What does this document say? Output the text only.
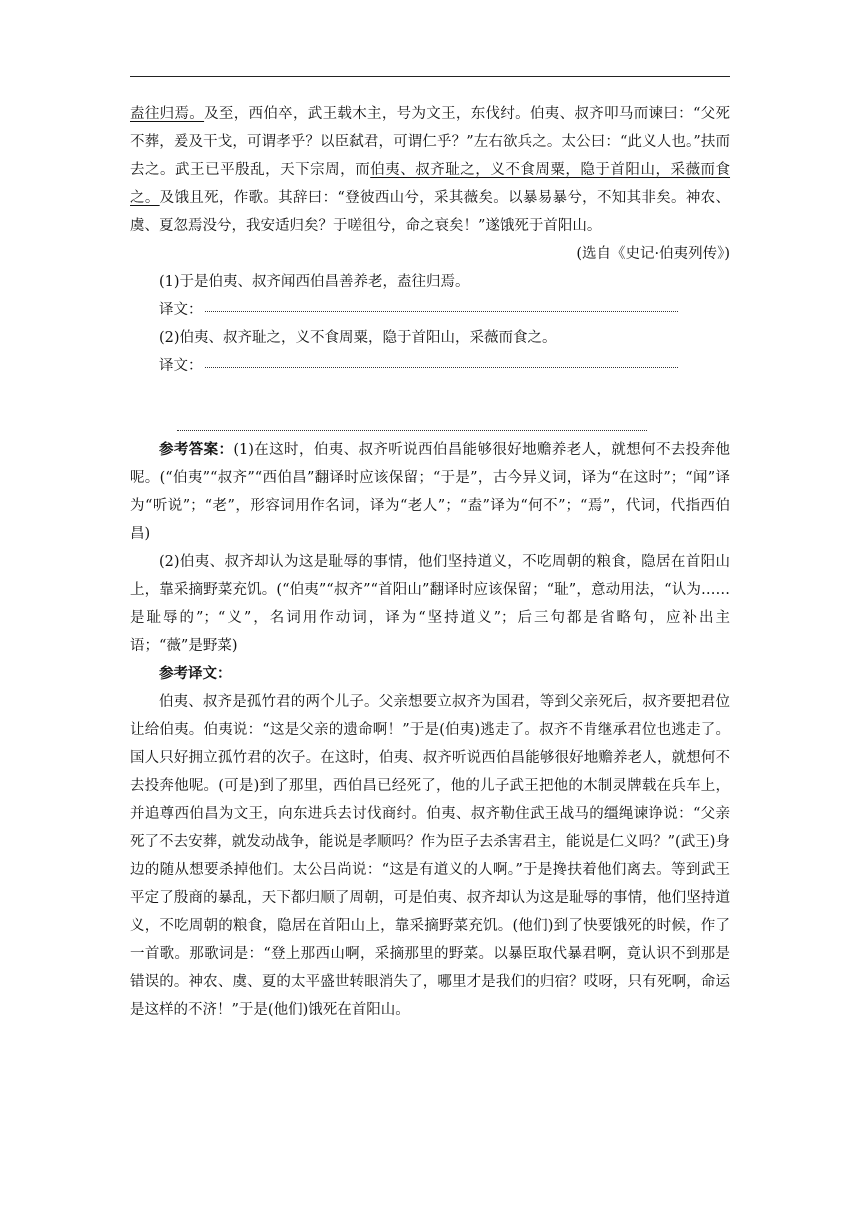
盍往归焉。及至，西伯卒，武王载木主，号为文王，东伐纣。伯夷、叔齐叩马而谏曰：“父死不葬，爰及干戈，可谓孝乎？以臣弑君，可谓仁乎？”左右欲兵之。太公曰：“此义人也。”扶而去之。武王已平殷乱，天下宗周，而伯夷、叔齐耻之，义不食周粟，隐于首阳山，采薇而食之。及饿且死，作歌。其辞曰：“登彼西山兮，采其薇矣。以暴易暴兮，不知其非矣。神农、虞、夏忽焉没兮，我安适归矣？于嗟徂兮，命之衰矣！”遂饿死于首阳山。

(选自《史记·伯夷列传》)

(1)于是伯夷、叔齐闻西伯昌善养老，盍往归焉。

译文：

(2)伯夷、叔齐耻之，义不食周粟，隐于首阳山，采薇而食之。

译文：

参考答案：(1)在这时，伯夷、叔齐听说西伯昌能够很好地赡养老人，就想何不去投奔他呢。(“伯夷”“叔齐”“西伯昌”翻译时应该保留；“于是”，古今异义词，译为“在这时”；“闻”译为“听说”；“老”，形容词用作名词，译为“老人”；“盍”译为“何不”；“焉”，代词，代指西伯昌)

(2)伯夷、叔齐却认为这是耻辱的事情，他们坚持道义，不吃周朝的粮食，隐居在首阳山上，靠采摘野菜充饥。(“伯夷”“叔齐”“首阳山”翻译时应该保留；“耻”，意动用法，“认为……是耻辱的”；“义”，名词用作动词，译为“坚持道义”；后三句都是省略句，应补出主语；“薇”是野菜)

参考译文：

伯夷、叔齐是孤竹君的两个儿子。父亲想要立叔齐为国君，等到父亲死后，叔齐要把君位让给伯夷。伯夷说：“这是父亲的遗命啊！”于是(伯夷)逃走了。叔齐不肯继承君位也逃走了。国人只好拥立孤竹君的次子。在这时，伯夷、叔齐听说西伯昌能够很好地赡养老人，就想何不去投奔他呢。(可是)到了那里，西伯昌已经死了，他的儿子武王把他的木制灵牌载在兵车上，并追尊西伯昌为文王，向东进兵去讨伐商纣。伯夷、叔齐勒住武王战马的缰绳谏诤说：“父亲死了不去安葬，就发动战争，能说是孝顺吗？作为臣子去杀害君主，能说是仁义吗？”(武王)身边的随从想要杀掉他们。太公吕尚说：“这是有道义的人啊。”于是搀扶着他们离去。等到武王平定了殷商的暴乱，天下都归顺了周朝，可是伯夷、叔齐却认为这是耻辱的事情，他们坚持道义，不吃周朝的粮食，隐居在首阳山上，靠采摘野菜充饥。(他们)到了快要饿死的时候，作了一首歌。那歌词是：“登上那西山啊，采摘那里的野菜。以暴臣取代暴君啊，竟认识不到那是错误的。神农、虞、夏的太平盛世转眼消失了，哪里才是我们的归宿？哎呀，只有死啊，命运是这样的不济！”于是(他们)饿死在首阳山。
